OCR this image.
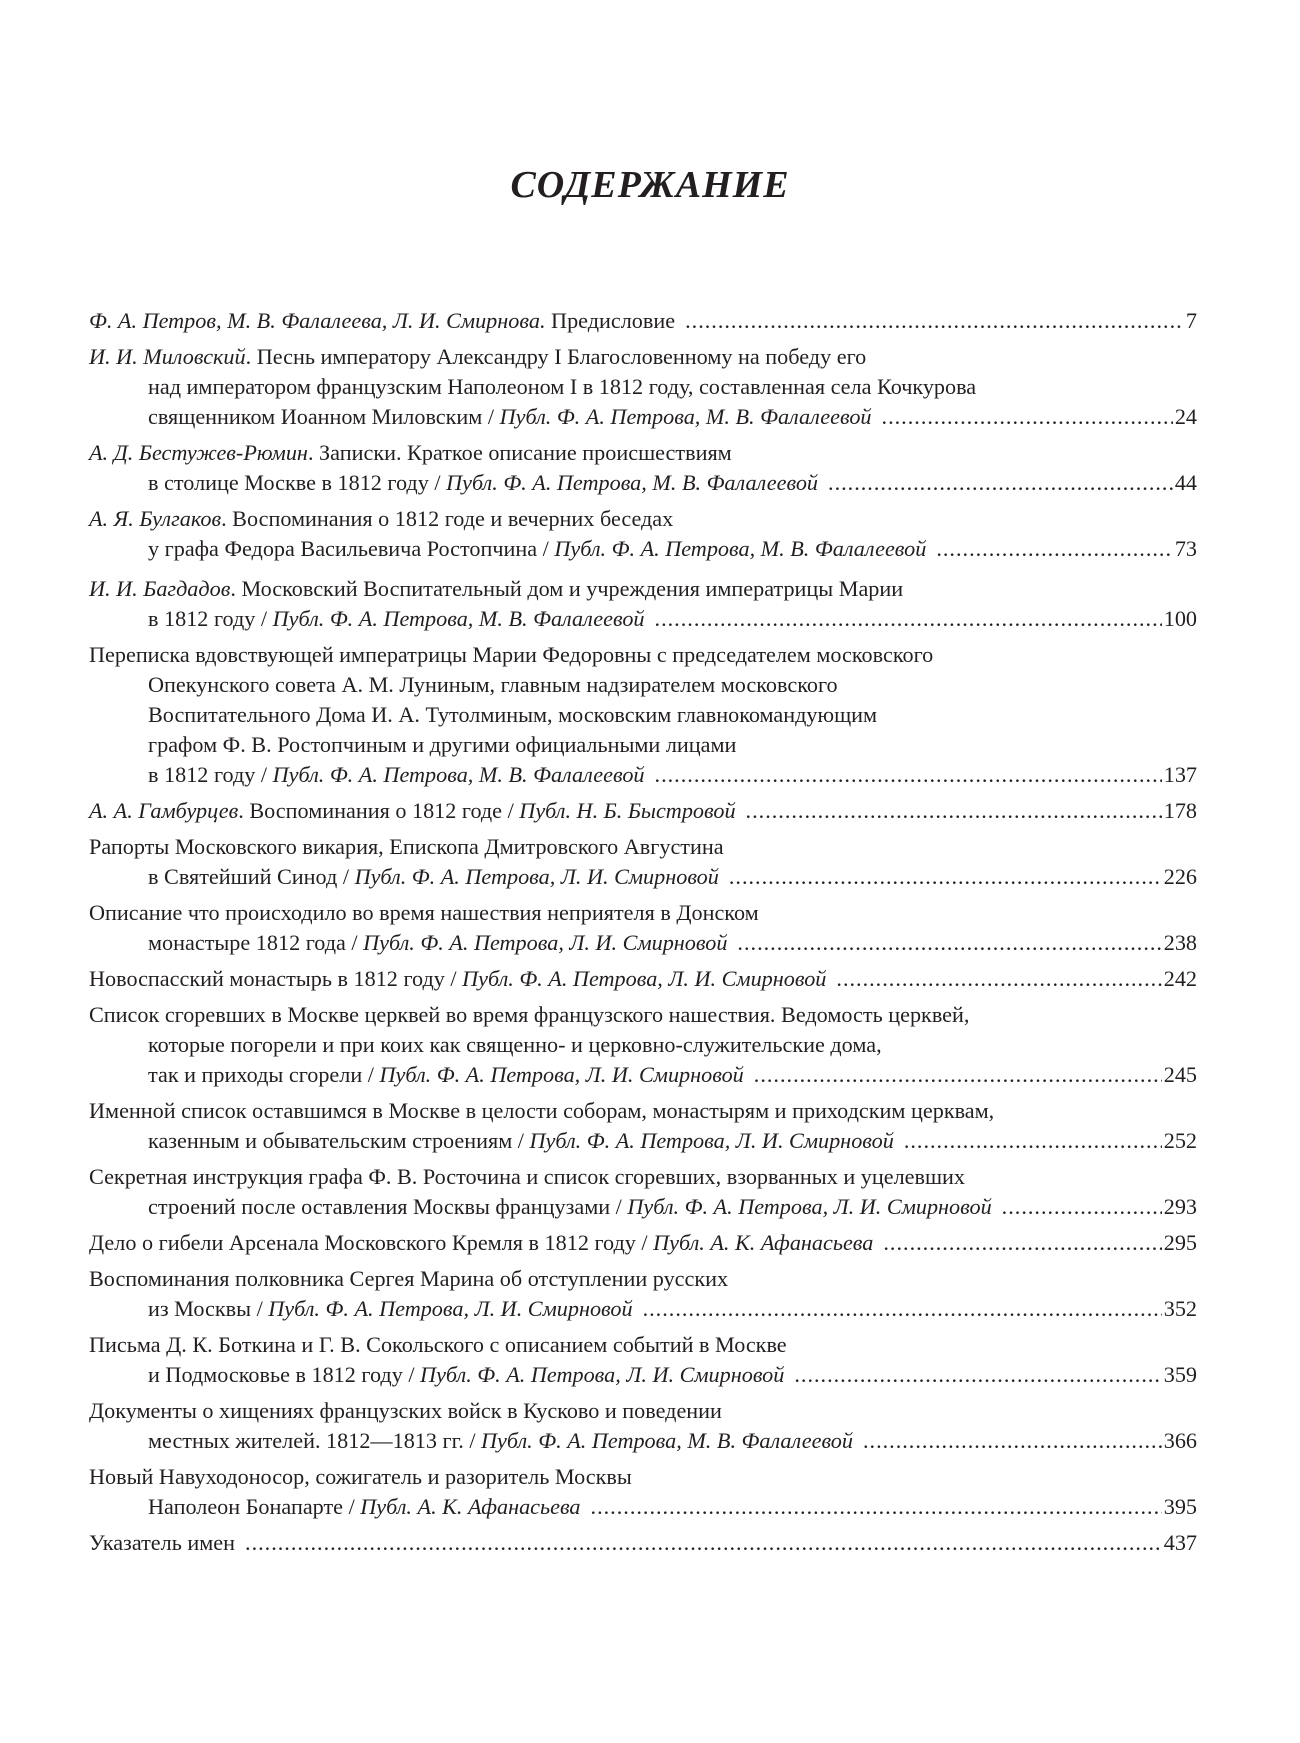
СОДЕРЖАНИЕ
Ф. А. Петров, М. В. Фалалеева, Л. И. Смирнова. Предисловие .....	7
И. И. Миловский. Песнь императору Александру I Благословенному на победу его
над императором французским Наполеоном I в 1812 году, составленная села Кочкурова
священником Иоанном Миловским / Публ. Ф. А. Петрова, М. В. Фалалеевой .....	24
А. Д. Бестужев-Рюмин. Записки. Краткое описание происшествиям
в столице Москве в 1812 году / Публ. Ф. А. Петрова, М. В. Фалалеевой .....	44
А. Я. Булгаков. Воспоминания о 1812 годе и вечерних беседах
у графа Федора Васильевича Ростопчина / Публ. Ф. А. Петрова, М. В. Фалалеевой .....	73
И. И. Багдадов. Московский Воспитательный дом и учреждения императрицы Марии
в 1812 году / Публ. Ф. А. Петрова, М. В. Фалалеевой .....	100
Переписка вдовствующей императрицы Марии Федоровны с председателем московского
Опекунского совета А. М. Луниным, главным надзирателем московского
Воспитательного Дома И. А. Тутолминым, московским главнокомандующим
графом Ф. В. Ростопчиным и другими официальными лицами
в 1812 году / Публ. Ф. А. Петрова, М. В. Фалалеевой .....	137
А. А. Гамбурцев. Воспоминания о 1812 годе / Публ. Н. Б. Быстровой .....	178
Рапорты Московского викария, Епископа Дмитровского Августина
в Святейший Синод / Публ. Ф. А. Петрова, Л. И. Смирновой .....	226
Описание что происходило во время нашествия неприятеля в Донском
монастыре 1812 года / Публ. Ф. А. Петрова, Л. И. Смирновой .....	238
Новоспасский монастырь в 1812 году / Публ. Ф. А. Петрова, Л. И. Смирновой .....	242
Список сгоревших в Москве церквей во время французского нашествия. Ведомость церквей,
которые погорели и при коих как священно- и церковно-служительские дома,
так и приходы сгорели / Публ. Ф. А. Петрова, Л. И. Смирновой .....	245
Именной список оставшимся в Москве в целости соборам, монастырям и приходским церквам,
казенным и обывательским строениям / Публ. Ф. А. Петрова, Л. И. Смирновой .....	252
Секретная инструкция графа Ф. В. Росточина и список сгоревших, взорванных и уцелевших
строений после оставления Москвы французами / Публ. Ф. А. Петрова, Л. И. Смирновой .....	293
Дело о гибели Арсенала Московского Кремля в 1812 году / Публ. А. К. Афанасьева .....	295
Воспоминания полковника Сергея Марина об отступлении русских
из Москвы / Публ. Ф. А. Петрова, Л. И. Смирновой .....	352
Письма Д. К. Боткина и Г. В. Сокольского с описанием событий в Москве
и Подмосковье в 1812 году / Публ. Ф. А. Петрова, Л. И. Смирновой .....	359
Документы о хищениях французских войск в Кусково и поведении
местных жителей. 1812—1813 гг. / Публ. Ф. А. Петрова, М. В. Фалалеевой .....	366
Новый Навуходоносор, сожигатель и разоритель Москвы
Наполеон Бонапарте / Публ. А. К. Афанасьева .....	395
Указатель имен .....	437
